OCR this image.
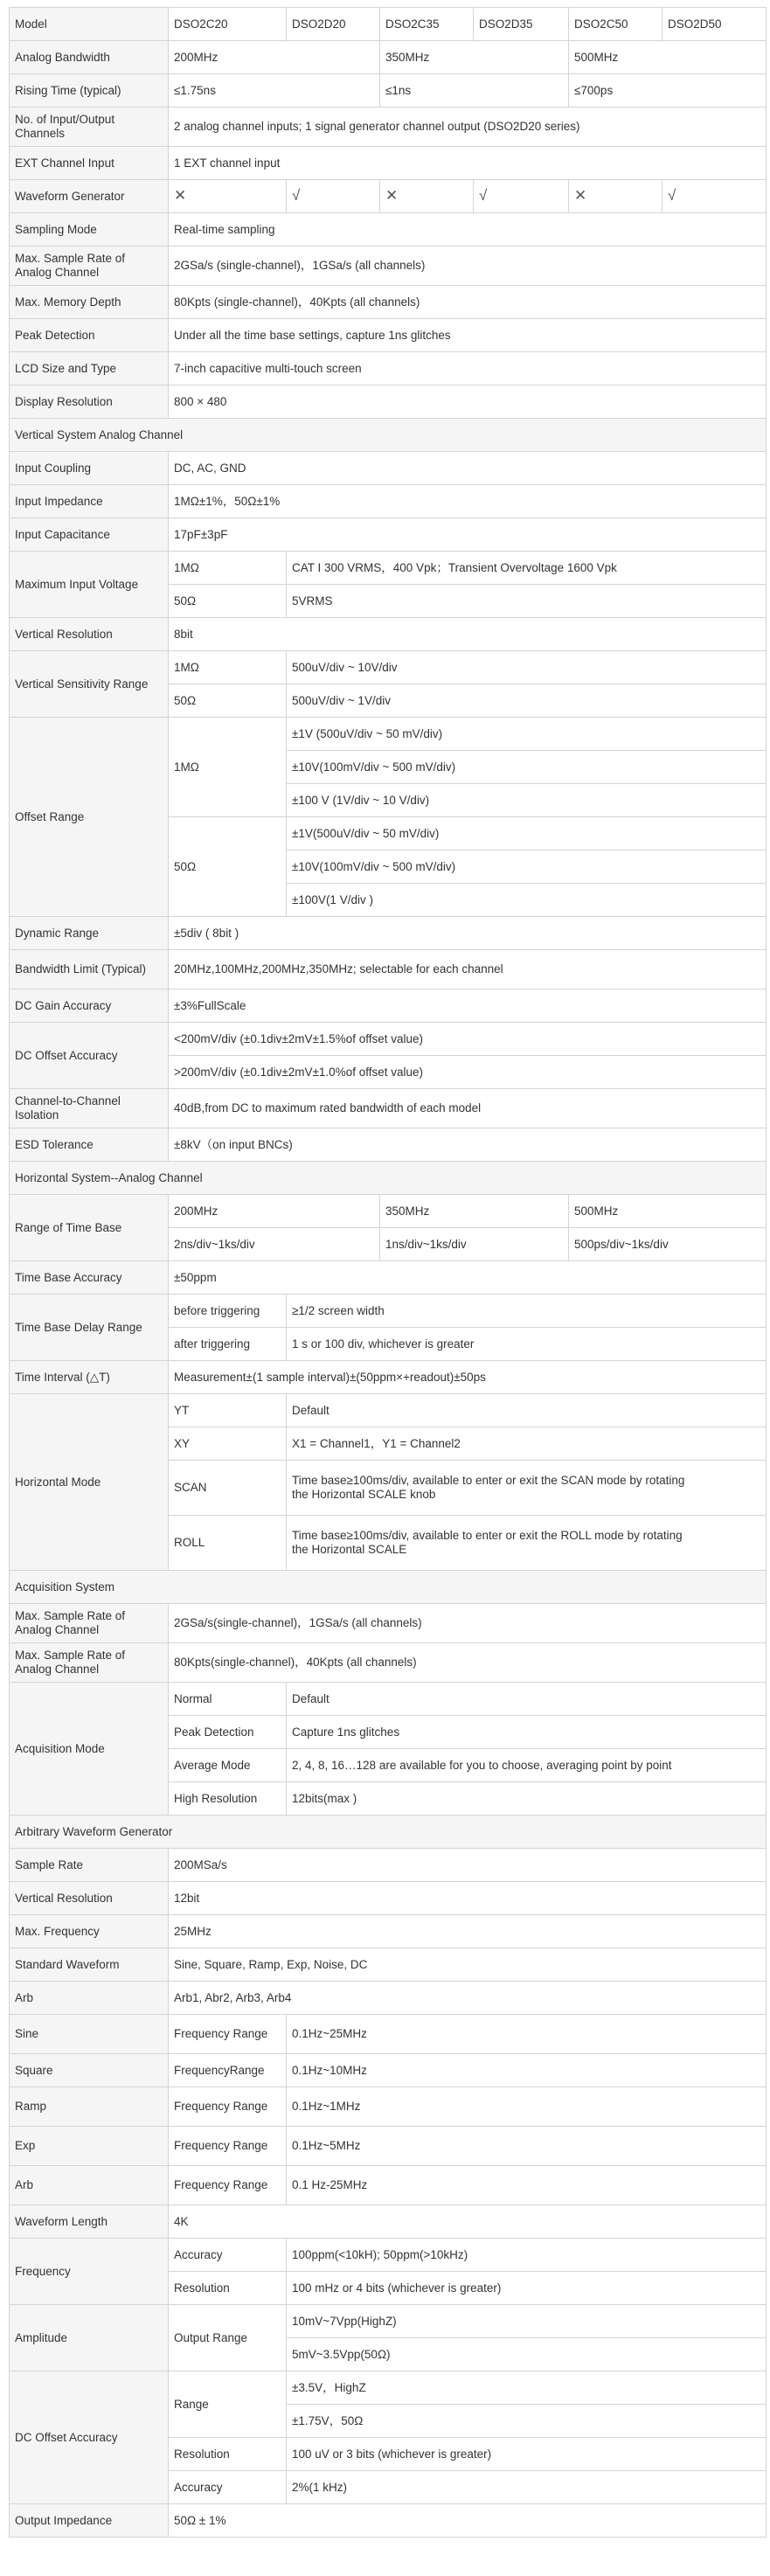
Model	DSO2C20	DSO2D20	DSO2C35	DSO2D35	DSO2C50	DSO2D50
Analog Bandwidth	200MHz		350MHz		500MHz	
Rising Time (typical)	≤1.75ns		≤1ns		≤700ps	
No. of Input/Output Channels	2 analog channel inputs; 1 signal generator channel output (DSO2D20 series)					
EXT Channel Input	1 EXT channel input					
Waveform Generator	✕	√	✕	√	✕	√
Sampling Mode	Real-time sampling					
Max. Sample Rate of Analog Channel	2GSa/s (single-channel)，1GSa/s (all channels)					
Max. Memory Depth	80Kpts (single-channel)，40Kpts (all channels)					
Peak Detection	Under all the time base settings, capture 1ns glitches					
LCD Size and Type	7-inch capacitive multi-touch screen					
Display Resolution	800 × 480					
Vertical System Analog Channel						
Input Coupling	DC, AC, GND					
Input Impedance	1MΩ±1%，50Ω±1%					
Input Capacitance	17pF±3pF					
Maximum Input Voltage	1MΩ	CAT I 300 VRMS，400 Vpk；Transient Overvoltage 1600 Vpk				
	50Ω	5VRMS				
Vertical Resolution	8bit					
Vertical Sensitivity Range	1MΩ	500uV/div ~ 10V/div				
	50Ω	500uV/div ~ 1V/div				
Offset Range	1MΩ	±1V (500uV/div ~ 50 mV/div)				
		±10V(100mV/div ~ 500 mV/div)				
		±100 V (1V/div ~ 10 V/div)				
	50Ω	±1V(500uV/div ~ 50 mV/div)				
		±10V(100mV/div ~ 500 mV/div)				
		±100V(1 V/div )				
Dynamic Range	±5div ( 8bit )					
Bandwidth Limit (Typical)	20MHz,100MHz,200MHz,350MHz; selectable for each channel					
DC Gain Accuracy	±3%FullScale					
DC Offset Accuracy	<200mV/div (±0.1div±2mV±1.5%of offset value)					
	>200mV/div (±0.1div±2mV±1.0%of offset value)					
Channel-to-Channel Isolation	40dB,from DC to maximum rated bandwidth of each model					
ESD Tolerance	±8kV（on input BNCs)					
Horizontal System--Analog Channel						
Range of Time Base	200MHz		350MHz		500MHz	
	2ns/div~1ks/div		1ns/div~1ks/div		500ps/div~1ks/div	
Time Base Accuracy	±50ppm					
Time Base Delay Range	before triggering	≥1/2 screen width				
	after triggering	1 s or 100 div, whichever is greater				
Time Interval (△T)	Measurement±(1 sample interval)±(50ppm×+readout)±50ps					
Horizontal Mode	YT	Default				
	XY	X1 = Channel1，Y1 = Channel2				
	SCAN	Time base≥100ms/div, available to enter or exit the SCAN mode by rotating
the Horizontal SCALE knob				
	ROLL	Time base≥100ms/div, available to enter or exit the ROLL mode by rotating
the Horizontal SCALE				
Acquisition System						
Max. Sample Rate of Analog Channel	2GSa/s(single-channel)，1GSa/s (all channels)					
Max. Sample Rate of Analog Channel	80Kpts(single-channel)，40Kpts (all channels)					
Acquisition Mode	Normal	Default				
	Peak Detection	Capture 1ns glitches				
	Average Mode	2, 4, 8, 16…128 are available for you to choose, averaging point by point				
	High Resolution	12bits(max )				
Arbitrary Waveform Generator						
Sample Rate	200MSa/s					
Vertical Resolution	12bit					
Max. Frequency	25MHz					
Standard Waveform	Sine, Square, Ramp, Exp, Noise, DC					
Arb	Arb1, Abr2, Arb3, Arb4					
Sine	Frequency Range	0.1Hz~25MHz				
Square	FrequencyRange	0.1Hz~10MHz				
Ramp	Frequency Range	0.1Hz~1MHz				
Exp	Frequency Range	0.1Hz~5MHz				
Arb	Frequency Range	0.1 Hz-25MHz				
Waveform Length	4K					
Frequency	Accuracy	100ppm(<10kH); 50ppm(>10kHz)				
	Resolution	100 mHz or 4 bits (whichever is greater)				
Amplitude	Output Range	10mV~7Vpp(HighZ)				
		5mV~3.5Vpp(50Ω)				
DC Offset Accuracy	Range	±3.5V，HighZ				
		±1.75V，50Ω				
	Resolution	100 uV or 3 bits (whichever is greater)				
	Accuracy	2%(1 kHz)				
Output Impedance	50Ω ± 1%					
